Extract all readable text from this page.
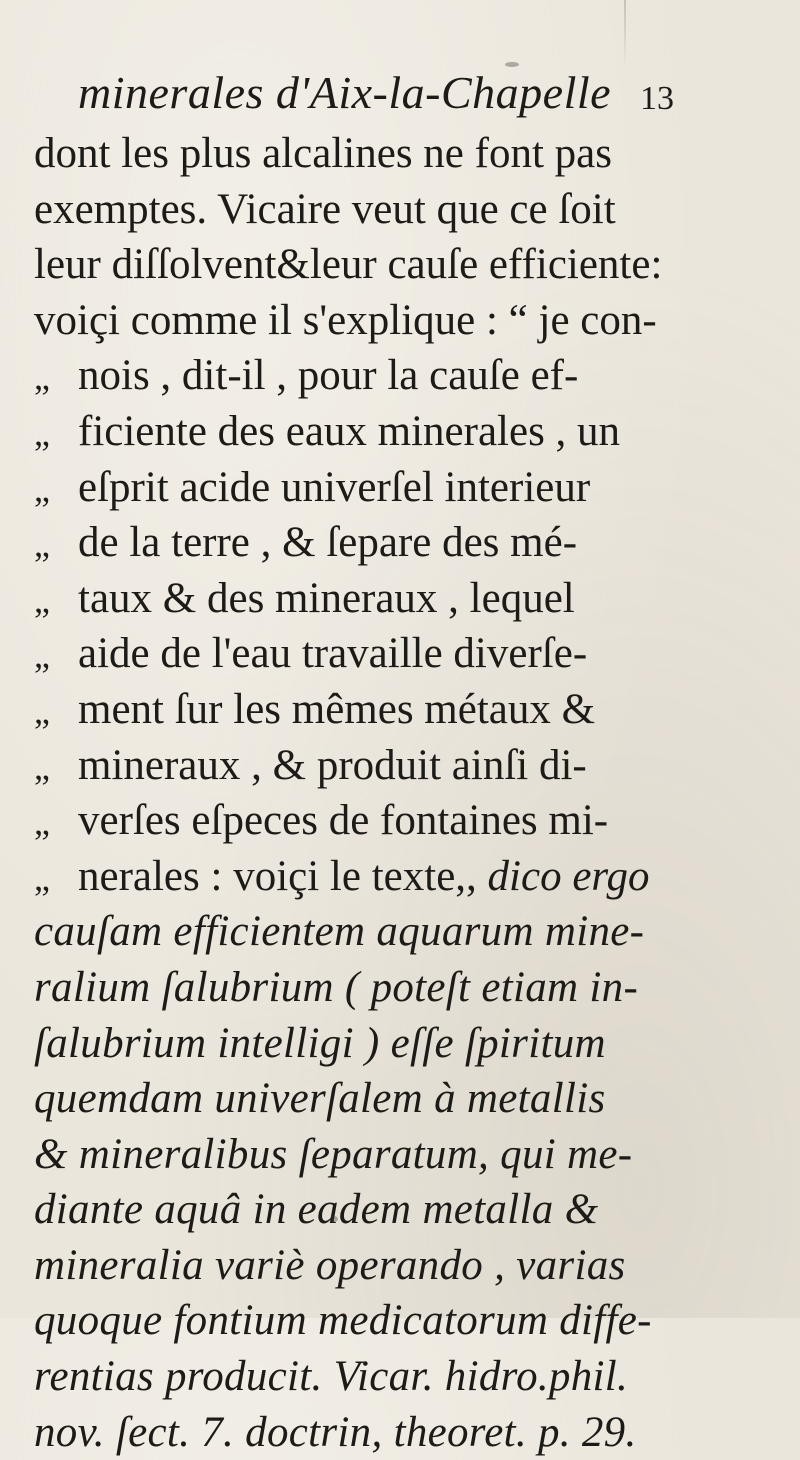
minerales d'Aix-la-Chapelle 13
dont les plus alcalines ne font pas
exemptes. Vicaire veut que ce ſoit
leur diſſolvent&leur cauſe efficiente:
voiçi comme il s'explique : “ je con-
„ nois , dit-il , pour la cauſe ef-
„ ficiente des eaux minerales , un
„ eſprit acide univerſel interieur
„ de la terre , & ſepare des mé-
„ taux & des mineraux , lequel
„ aide de l'eau travaille diverſe-
„ ment ſur les mêmes métaux &
„ mineraux , & produit ainſi di-
„ verſes eſpeces de fontaines mi-
„ nerales : voiçi le texte,, dico ergo
cauſam efficientem aquarum mine-
ralium ſalubrium ( poteſt etiam in-
ſalubrium intelligi ) eſſe ſpiritum
quemdam univerſalem à metallis
& mineralibus ſeparatum, qui me-
diante aquâ in eadem metalla &
mineralia variè operando , varias
quoque fontium medicatorum diffe-
rentias producit. Vicar. hidro.phil.
nov. ſect. 7. doctrin, theoret. p. 29.
